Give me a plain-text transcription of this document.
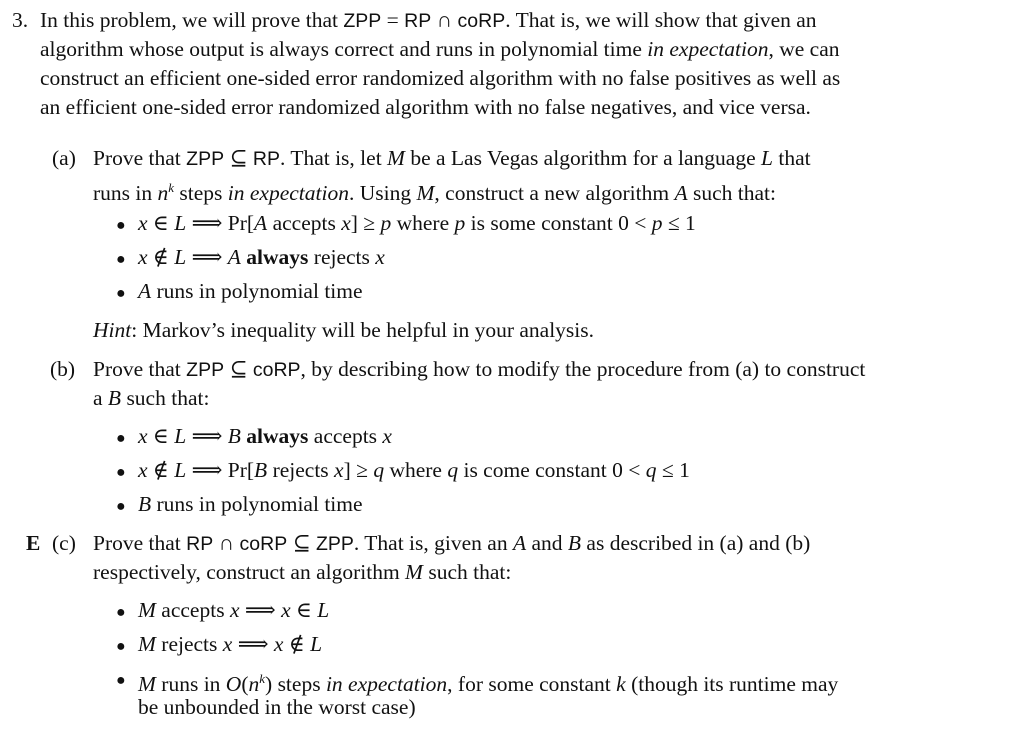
3. In this problem, we will prove that ZPP = RP ∩ coRP. That is, we will show that given an
algorithm whose output is always correct and runs in polynomial time in expectation, we can
construct an efficient one-sided error randomized algorithm with no false positives as well as
an efficient one-sided error randomized algorithm with no false negatives, and vice versa.
(a) Prove that ZPP ⊆ RP. That is, let M be a Las Vegas algorithm for a language L that
runs in $n^k$ steps in expectation. Using M, construct a new algorithm A such that:
● x ∈ L ⟹ Pr[A accepts x] ≥ p where p is some constant 0 < p ≤ 1
● x ∉ L ⟹ A always rejects x
● A runs in polynomial time
Hint: Markov’s inequality will be helpful in your analysis.
(b) Prove that ZPP ⊆ coRP, by describing how to modify the procedure from (a) to construct
a B such that:
● x ∈ L ⟹ B always accepts x
● x ∉ L ⟹ Pr[B rejects x] ≥ q where q is come constant 0 < q ≤ 1
● B runs in polynomial time
E (c) Prove that RP ∩ coRP ⊆ ZPP. That is, given an A and B as described in (a) and (b)
respectively, construct an algorithm M such that:
● M accepts x ⟹ x ∈ L
● M rejects x ⟹ x ∉ L
● M runs in $O(n^k)$ steps in expectation, for some constant k (though its runtime may
be unbounded in the worst case)
